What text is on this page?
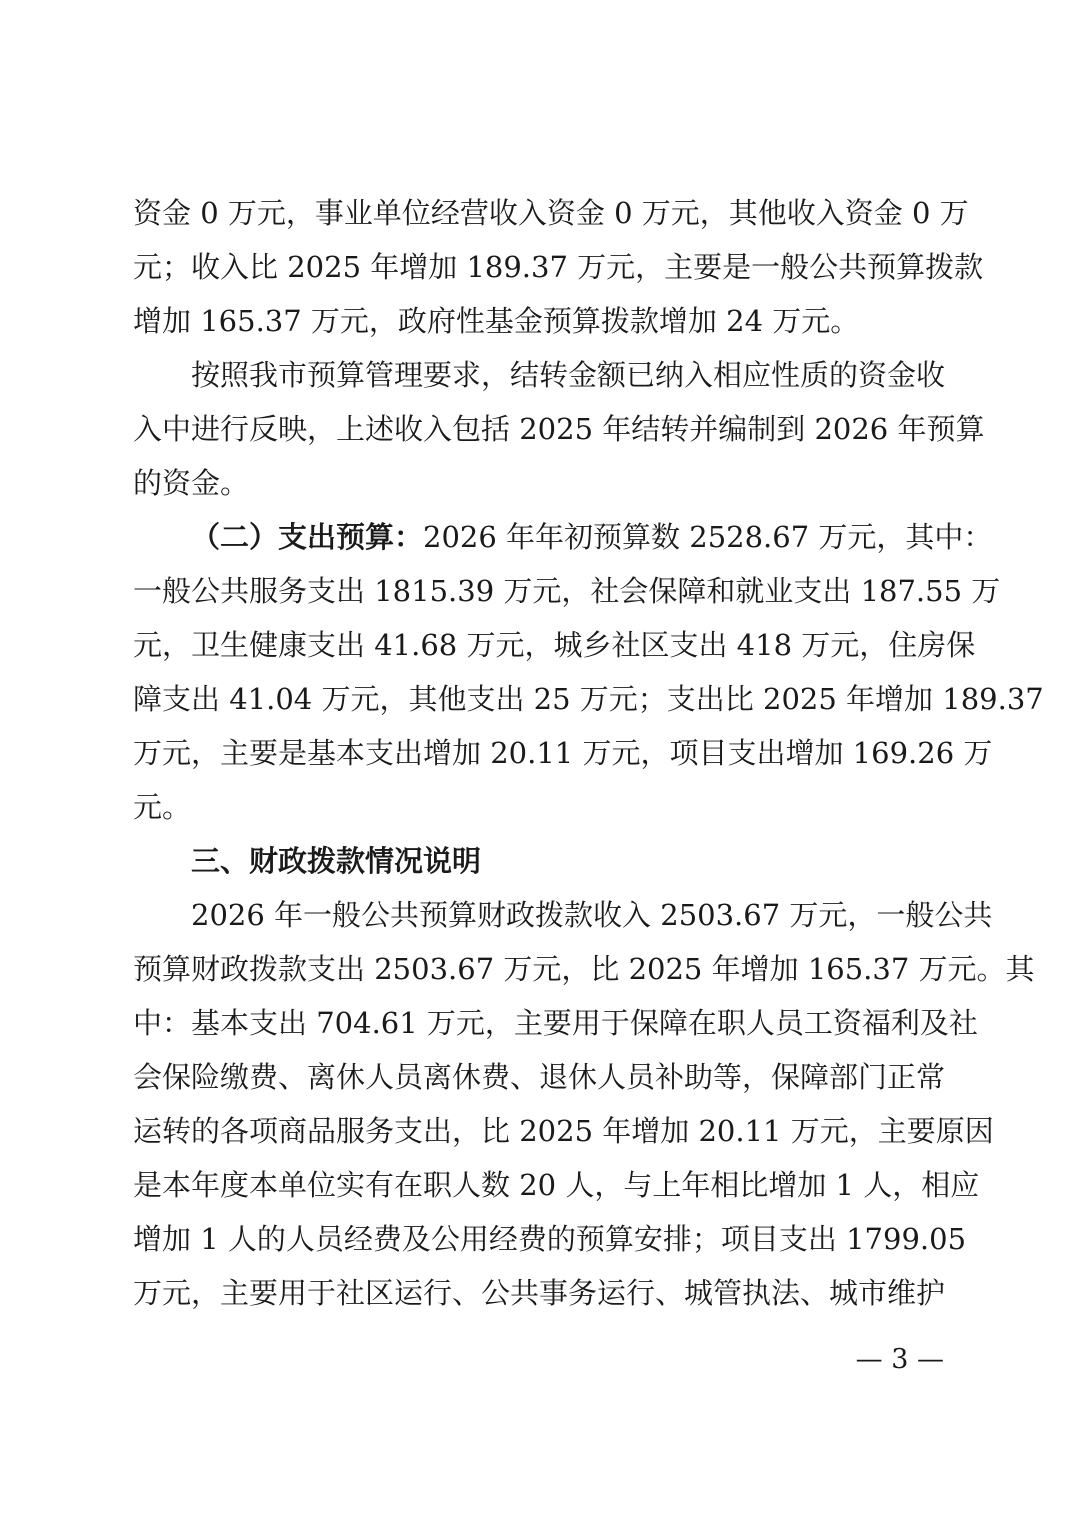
资金 0 万元，事业单位经营收入资金 0 万元，其他收入资金 0 万
元；收入比 2025 年增加 189.37 万元，主要是一般公共预算拨款
增加 165.37 万元，政府性基金预算拨款增加 24 万元。
按照我市预算管理要求，结转金额已纳入相应性质的资金收
入中进行反映，上述收入包括 2025 年结转并编制到 2026 年预算
的资金。
（二）支出预算：2026 年年初预算数 2528.67 万元，其中：
一般公共服务支出 1815.39 万元，社会保障和就业支出 187.55 万
元，卫生健康支出 41.68 万元，城乡社区支出 418 万元，住房保
障支出 41.04 万元，其他支出 25 万元；支出比 2025 年增加 189.37
万元，主要是基本支出增加 20.11 万元，项目支出增加 169.26 万
元。
三、财政拨款情况说明
2026 年一般公共预算财政拨款收入 2503.67 万元，一般公共
预算财政拨款支出 2503.67 万元，比 2025 年增加 165.37 万元。其
中：基本支出 704.61 万元，主要用于保障在职人员工资福利及社
会保险缴费、离休人员离休费、退休人员补助等，保障部门正常
运转的各项商品服务支出，比 2025 年增加 20.11 万元，主要原因
是本年度本单位实有在职人数 20 人，与上年相比增加 1 人，相应
增加 1 人的人员经费及公用经费的预算安排；项目支出 1799.05
万元，主要用于社区运行、公共事务运行、城管执法、城市维护
— 3 —
